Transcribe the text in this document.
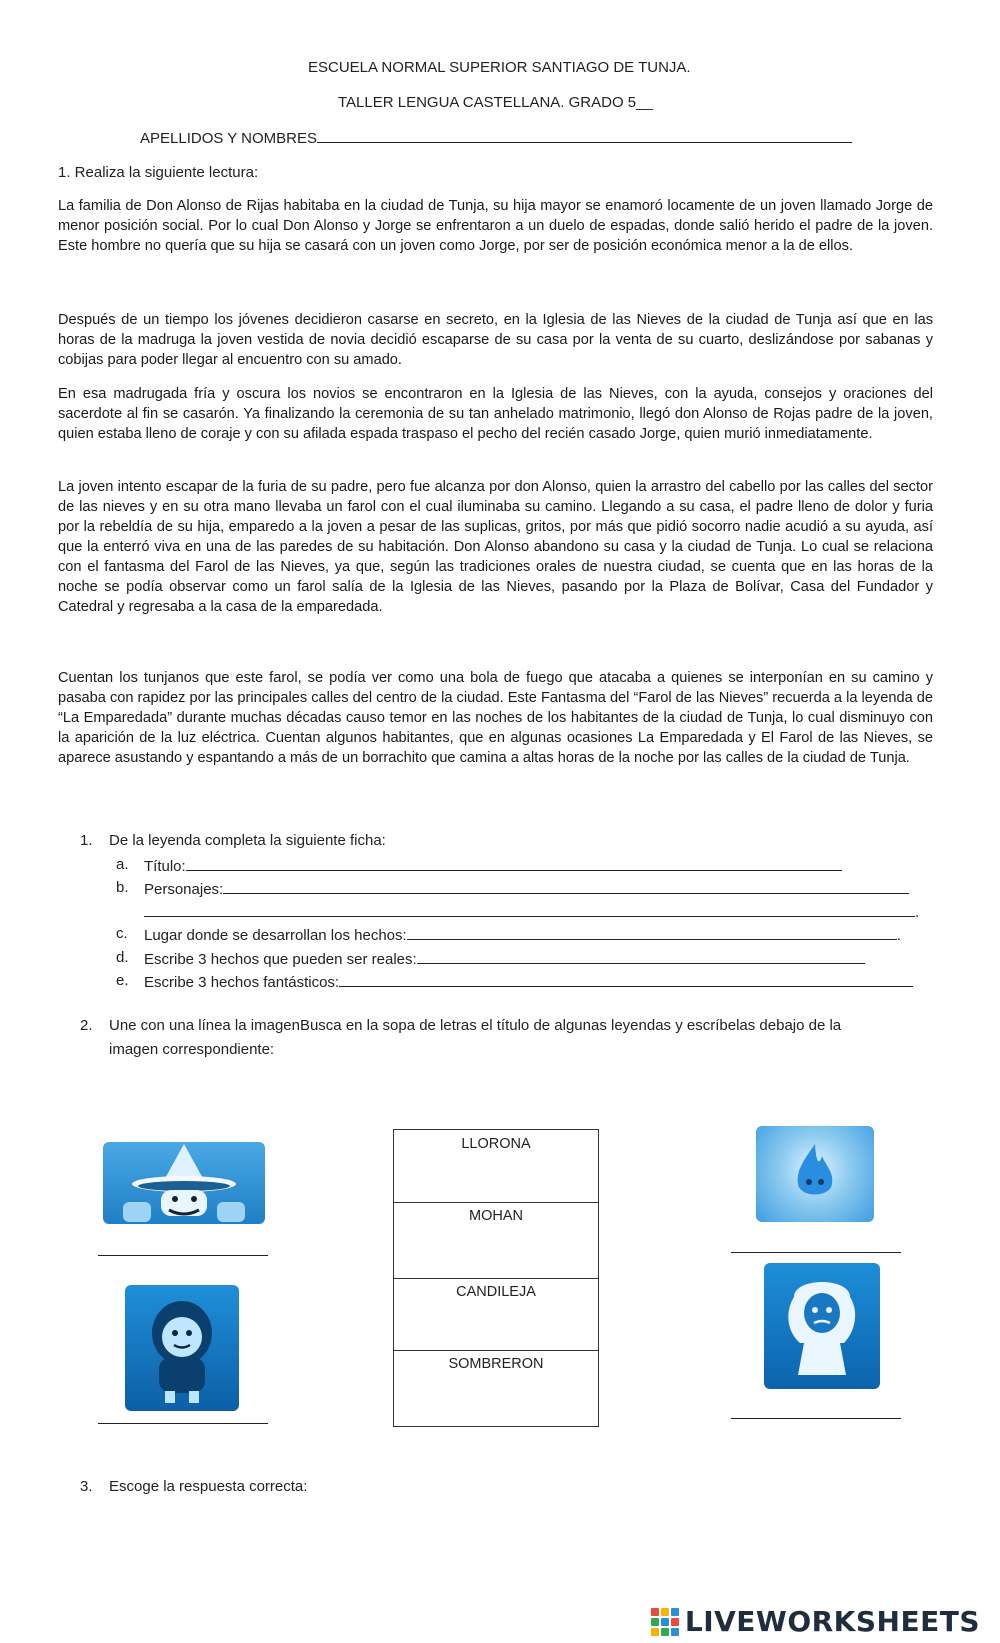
ESCUELA NORMAL SUPERIOR SANTIAGO DE TUNJA.
TALLER LENGUA CASTELLANA. GRADO 5__
APELLIDOS Y NOMBRES
1. Realiza la siguiente lectura:
La familia de Don Alonso de Rijas habitaba en la ciudad de Tunja, su hija mayor se enamoró locamente de un joven llamado Jorge de menor posición social. Por lo cual Don Alonso y Jorge se enfrentaron a un duelo de espadas, donde salió herido el padre de la joven. Este hombre no quería que su hija se casará con un joven como Jorge, por ser de posición económica menor a la de ellos.
Después de un tiempo los jóvenes decidieron casarse en secreto, en la Iglesia de las Nieves de la ciudad de Tunja así que en las horas de la madruga la joven vestida de novia decidió escaparse de su casa por la venta de su cuarto, deslizándose por sabanas y cobijas para poder llegar al encuentro con su amado.
En esa madrugada fría y oscura los novios se encontraron en la Iglesia de las Nieves, con la ayuda, consejos y oraciones del sacerdote al fin se casarón. Ya finalizando la ceremonia de su tan anhelado matrimonio, llegó don Alonso de Rojas padre de la joven, quien estaba lleno de coraje y con su afilada espada traspaso el pecho del recién casado Jorge, quien murió inmediatamente.
La joven intento escapar de la furia de su padre, pero fue alcanza por don Alonso, quien la arrastro del cabello por las calles del sector de las nieves y en su otra mano llevaba un farol con el cual iluminaba su camino. Llegando a su casa, el padre lleno de dolor y furia por la rebeldía de su hija, emparedo a la joven a pesar de las suplicas, gritos, por más que pidió socorro nadie acudió a su ayuda, así que la enterró viva en una de las paredes de su habitación. Don Alonso abandono su casa y la ciudad de Tunja. Lo cual se relaciona con el fantasma del Farol de las Nieves, ya que, según las tradiciones orales de nuestra ciudad, se cuenta que en las horas de la noche se podía observar como un farol salía de la Iglesia de las Nieves, pasando por la Plaza de Bolívar, Casa del Fundador y Catedral y regresaba a la casa de la emparedada.
Cuentan los tunjanos que este farol, se podía ver como una bola de fuego que atacaba a quienes se interponían en su camino y pasaba con rapidez por las principales calles del centro de la ciudad. Este Fantasma del “Farol de las Nieves” recuerda a la leyenda de “La Emparedada” durante muchas décadas causo temor en las noches de los habitantes de la ciudad de Tunja, lo cual disminuyo con la aparición de la luz eléctrica. Cuentan algunos habitantes, que en algunas ocasiones La Emparedada y El Farol de las Nieves, se aparece asustando y espantando a más de un borrachito que camina a altas horas de la noche por las calles de la ciudad de Tunja.
1. De la leyenda completa la siguiente ficha:
a. Título:
b. Personajes:
.
c. Lugar donde se desarrollan los hechos:	.
d. Escribe 3 hechos que pueden ser reales:
e. Escribe 3 hechos fantásticos:
2. Une con una línea la imagenBusca en la sopa de letras el título de algunas leyendas y escríbelas debajo de la
imagen correspondiente:
LLORONA
MOHAN
CANDILEJA
SOMBRERON
3. Escoge la respuesta correcta:
LIVEWORKSHEETS
